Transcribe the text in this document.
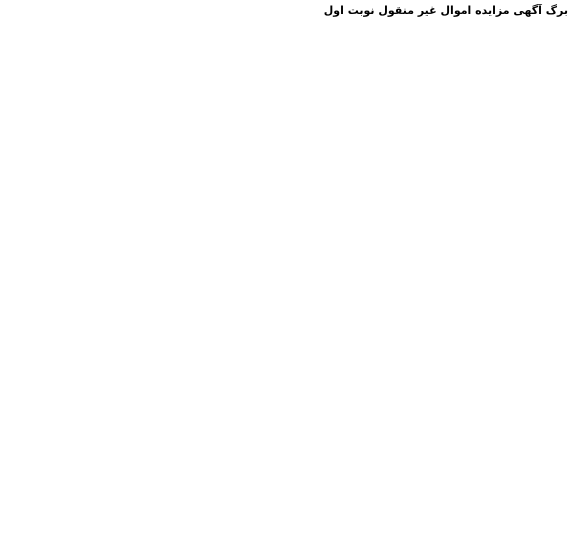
برگ آگهی مزایده اموال غیر منقول نوبت اول
